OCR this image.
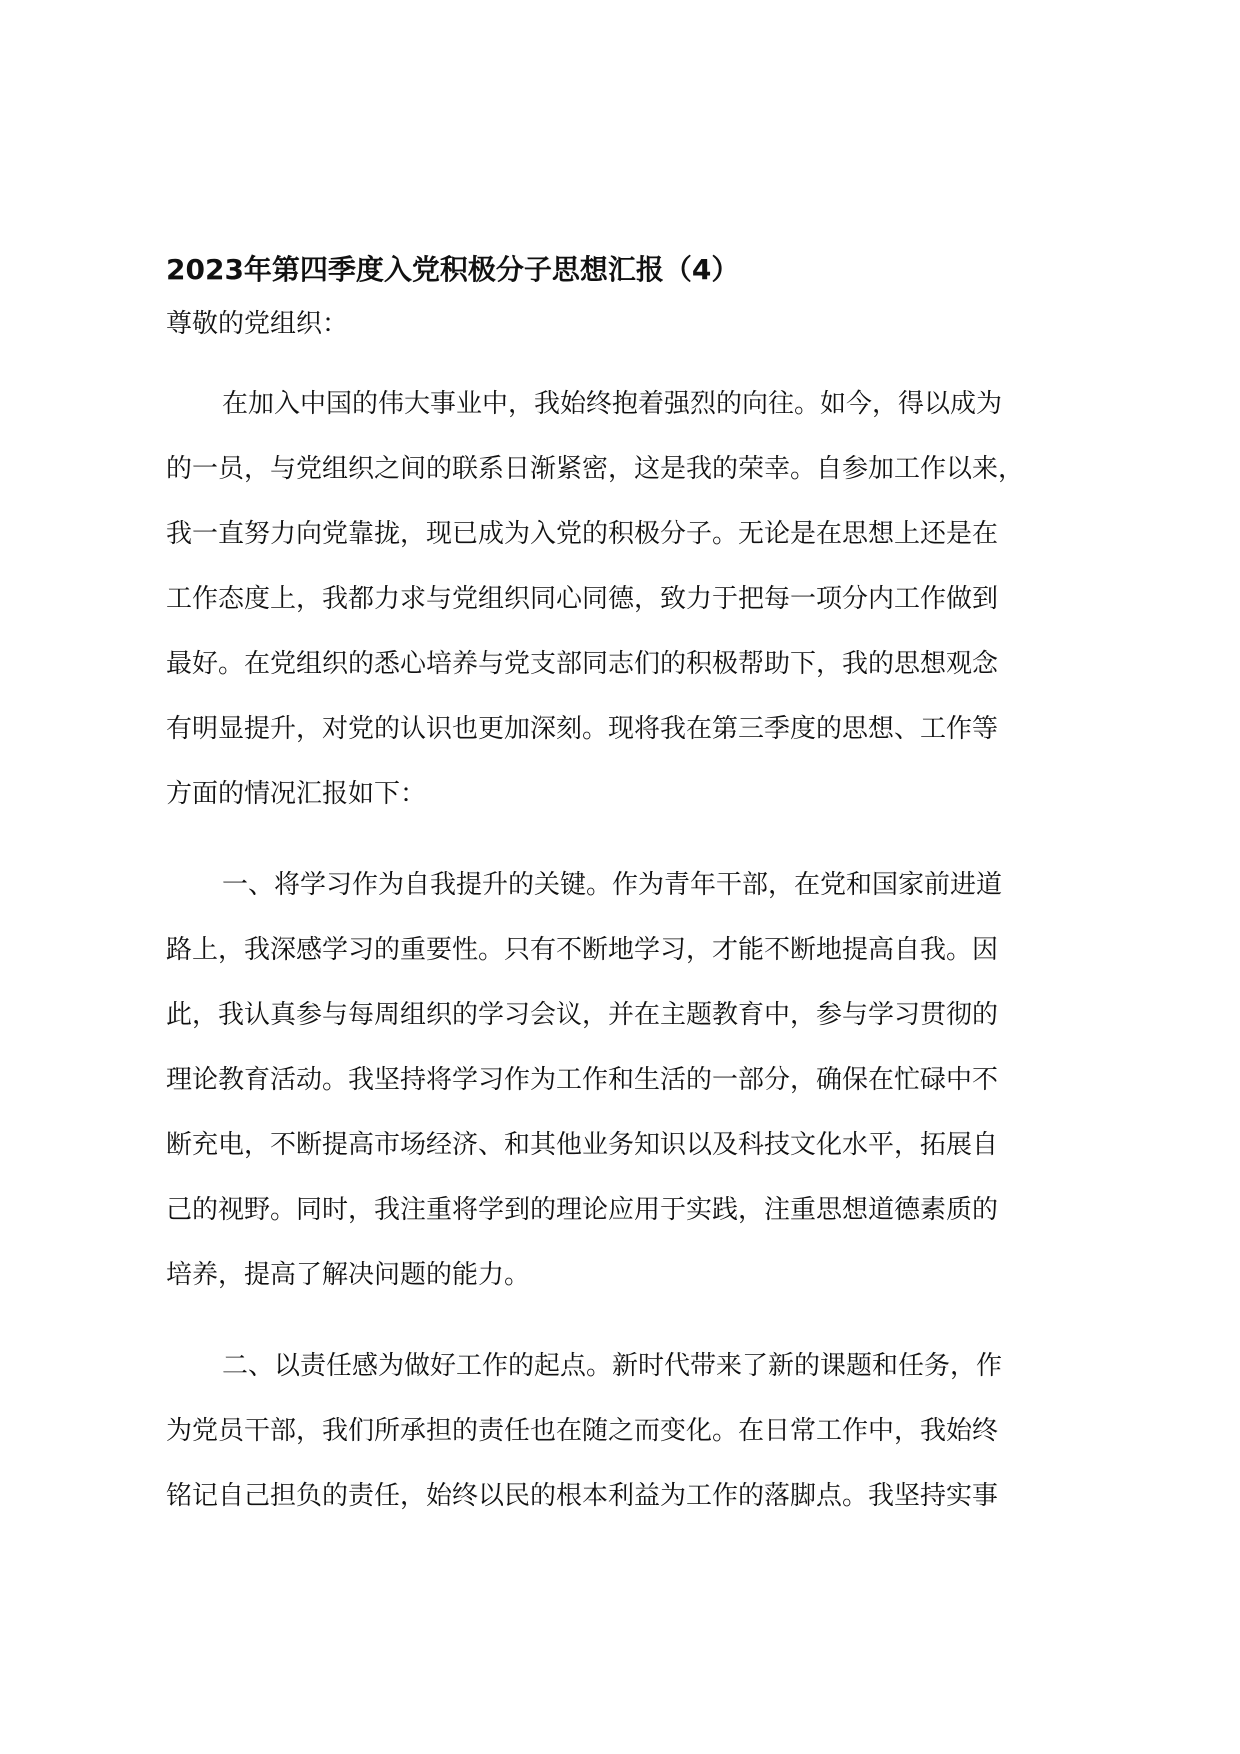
2023年第四季度入党积极分子思想汇报（4）
尊敬的党组织：
在加入中国的伟大事业中，我始终抱着强烈的向往。如今，得以成为
的一员，与党组织之间的联系日渐紧密，这是我的荣幸。自参加工作以来，
我一直努力向党靠拢，现已成为入党的积极分子。无论是在思想上还是在
工作态度上，我都力求与党组织同心同德，致力于把每一项分内工作做到
最好。在党组织的悉心培养与党支部同志们的积极帮助下，我的思想观念
有明显提升，对党的认识也更加深刻。现将我在第三季度的思想、工作等
方面的情况汇报如下：
一、将学习作为自我提升的关键。作为青年干部，在党和国家前进道
路上，我深感学习的重要性。只有不断地学习，才能不断地提高自我。因
此，我认真参与每周组织的学习会议，并在主题教育中，参与学习贯彻的
理论教育活动。我坚持将学习作为工作和生活的一部分，确保在忙碌中不
断充电，不断提高市场经济、和其他业务知识以及科技文化水平，拓展自
己的视野。同时，我注重将学到的理论应用于实践，注重思想道德素质的
培养，提高了解决问题的能力。
二、以责任感为做好工作的起点。新时代带来了新的课题和任务，作
为党员干部，我们所承担的责任也在随之而变化。在日常工作中，我始终
铭记自己担负的责任，始终以民的根本利益为工作的落脚点。我坚持实事
